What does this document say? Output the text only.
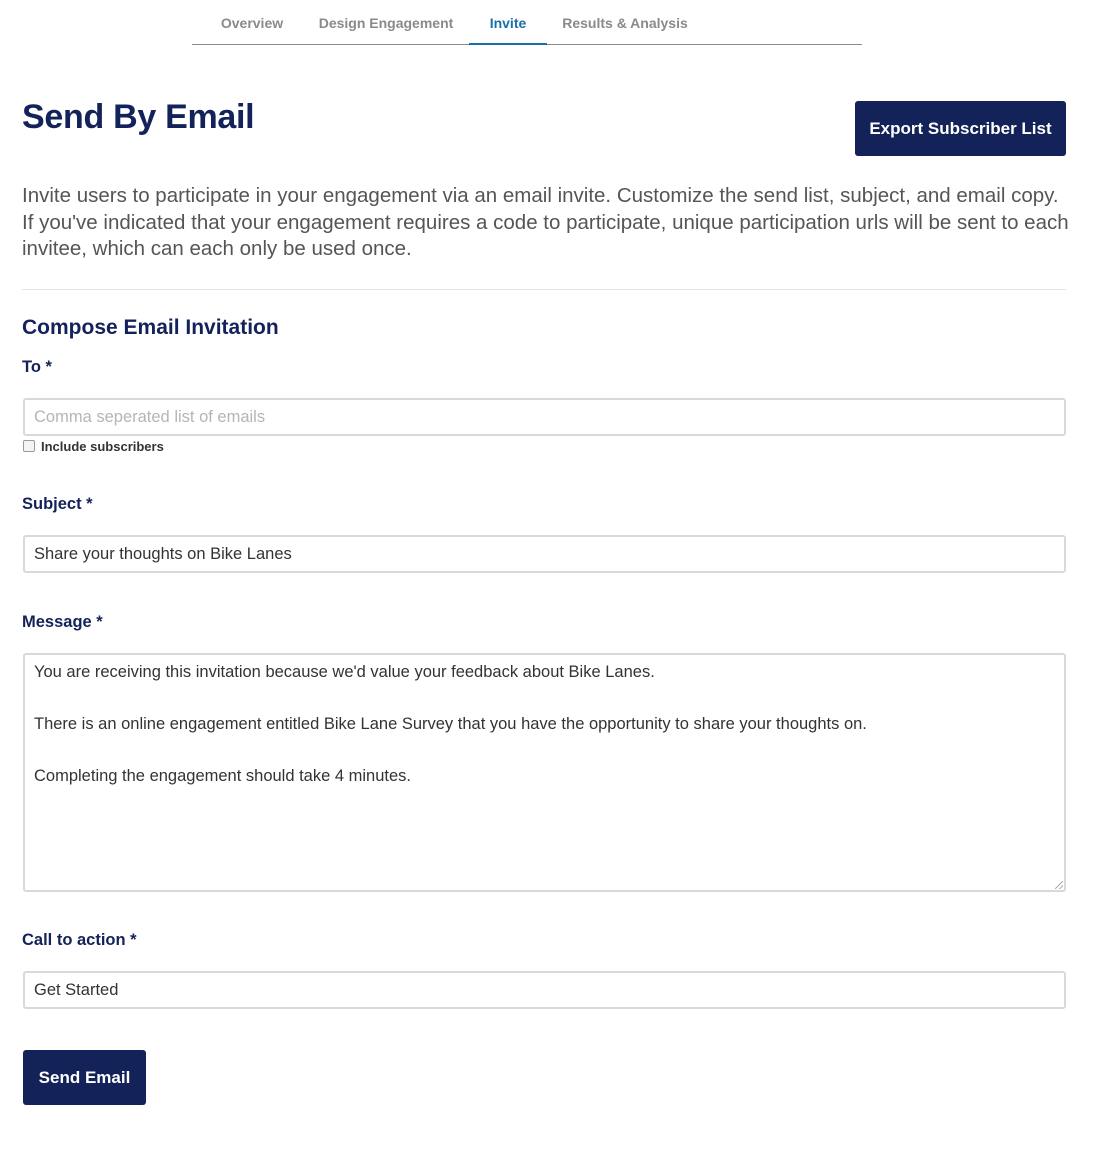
Overview	Design Engagement	Invite	Results & Analysis
Send By Email	Export Subscriber List

Invite users to participate in your engagement via an email invite. Customize the send list, subject, and email copy. If you've indicated that your engagement requires a code to participate, unique participation urls will be sent to each invitee, which can each only be used once.

Compose Email Invitation
To *
Comma seperated list of emails
Include subscribers
Subject *
Share your thoughts on Bike Lanes
Message *

You are receiving this invitation because we'd value your feedback about Bike Lanes.

There is an online engagement entitled Bike Lane Survey that you have the opportunity to share your thoughts on.

Completing the engagement should take 4 minutes.

Call to action *
Get Started
Send Email
